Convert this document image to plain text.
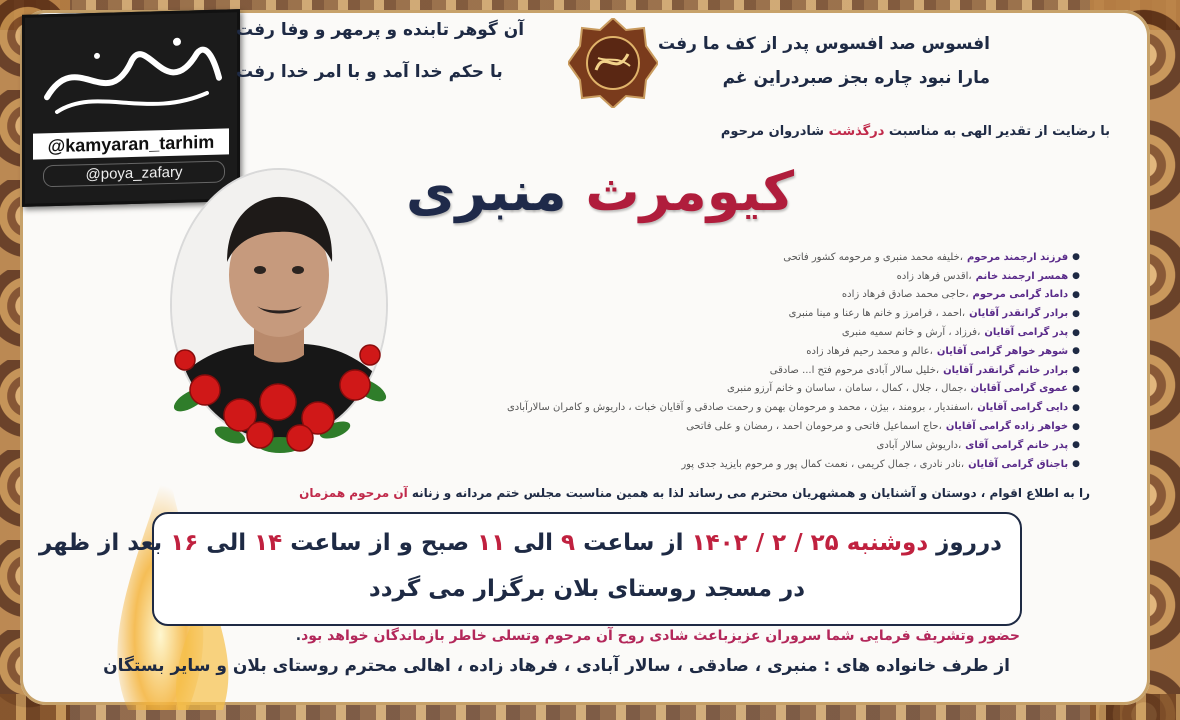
@kamyaran_tarhim
@poya_zafary
افسوس صد افسوس پدر از کف ما رفت
مارا نبود چاره بجز صبردراین غم
آن گوهر تابنده و پرمهر و وفا رفت
با حکم خدا آمد و با امر خدا رفت
با رضایت از تقدیر الهی به مناسبت درگذشت شادروان مرحوم
کیومرث منبری
●
فرزند ارجمند مرحوم
،
خلیفه محمد منبری و مرحومه کشور فاتحی
●
همسر ارجمند خانم
،
اقدس فرهاد زاده
●
داماد گرامی مرحوم
،
حاجی محمد صادق فرهاد زاده
●
برادر گرانقدر آقایان
،
احمد ، فرامرز و خانم ها رعنا و مینا منبری
●
پدر گرامی آقایان
،
فرزاد ، آرش و خانم سمیه منبری
●
شوهر خواهر گرامی آقایان
،
عالم و محمد رحیم فرهاد زاده
●
برادر خانم گرانقدر آقایان
،
خلیل سالار آبادی مرحوم فتح ا... صادقی
●
عموی گرامی آقایان
،
جمال ، جلال ، کمال ، سامان ، ساسان و خانم آرزو منبری
●
دایی گرامی آقایان
،
اسفندیار ، برومند ، بیژن ، محمد و مرحومان بهمن و رحمت صادقی و آقایان خبات ، داریوش و کامران سالارآبادی
●
خواهر زاده گرامی آقایان
،
حاج اسماعیل فاتحی و مرحومان احمد ، رمضان و علی فاتحی
●
پدر خانم گرامی آقای
،
داریوش سالار آبادی
●
باجناق گرامی آقایان
،
نادر نادری ، جمال کریمی ، نعمت کمال پور و مرحوم بایزید جدی پور
را به اطلاع اقوام ، دوستان و آشنایان و همشهریان محترم می رساند لذا به همین مناسبت مجلس ختم مردانه و زنانه آن مرحوم همزمان
درروز دوشنبه ۲۵ / ۲ / ۱۴۰۲ از ساعت ۹ الی ۱۱ صبح و از ساعت ۱۴ الی ۱۶ بعد از ظهر
در مسجد روستای بلان برگزار می گردد
حضور وتشریف فرمایی شما سروران عزیزباعث شادی روح آن مرحوم وتسلی خاطر بازماندگان خواهد بود.
از طرف خانواده های : منبری ، صادقی ، سالار آبادی ، فرهاد زاده ، اهالی محترم روستای بلان و سایر بستگان
